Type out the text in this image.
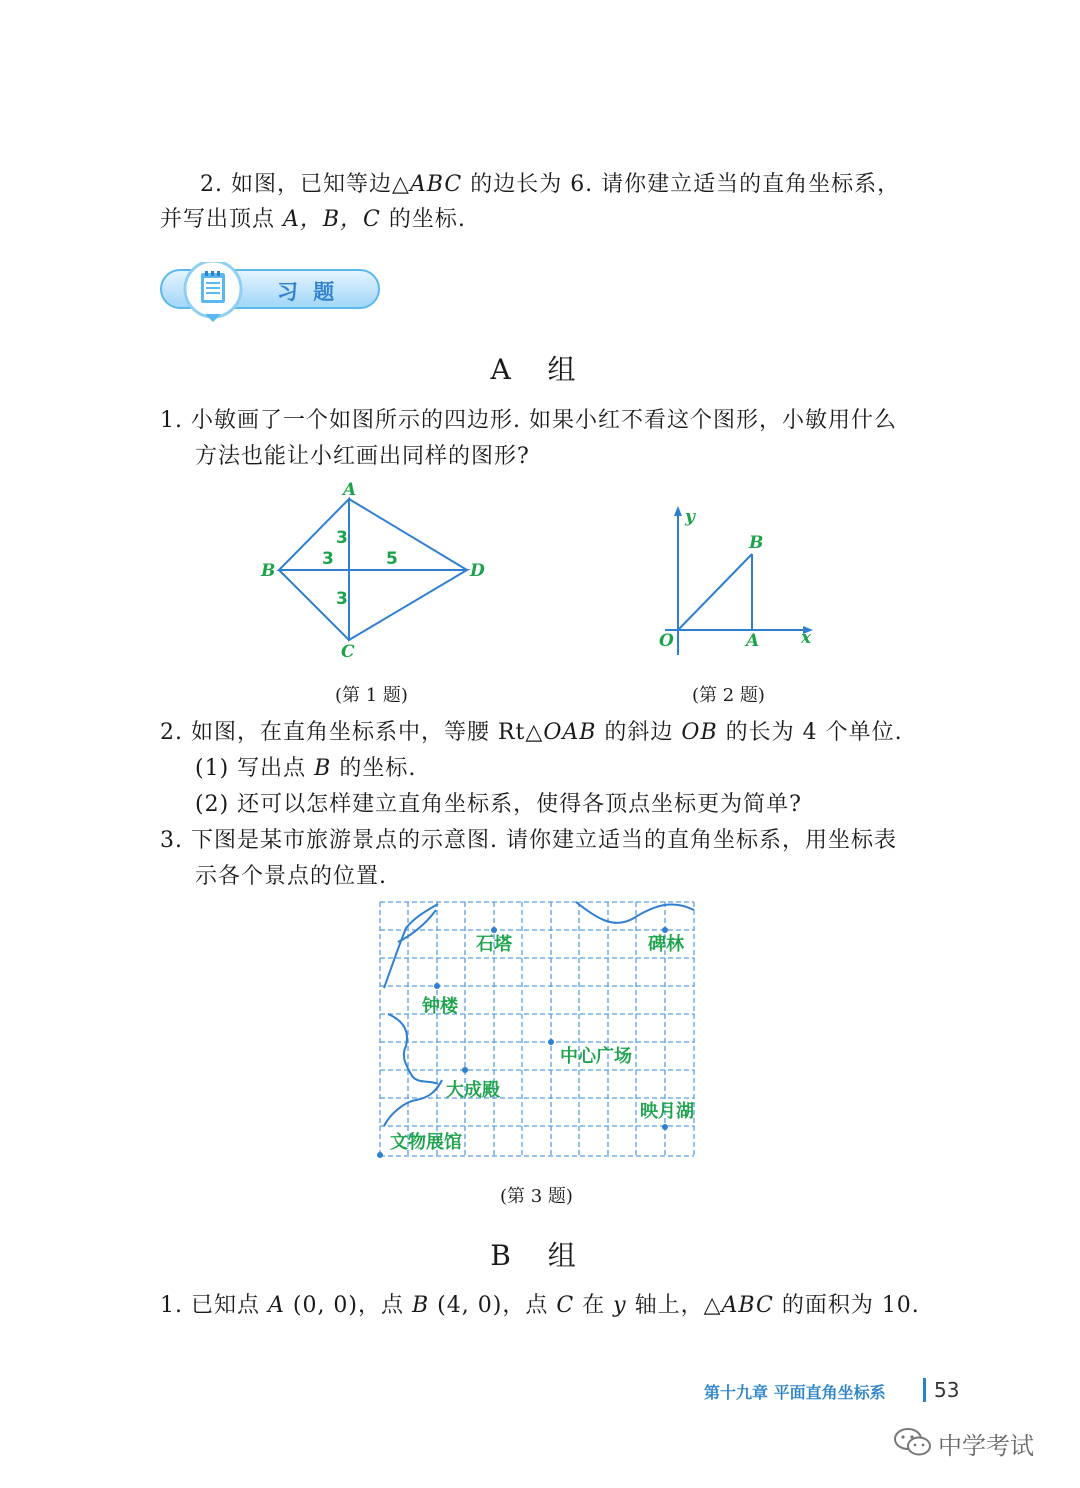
2. 如图，已知等边△ABC 的边长为 6. 请你建立适当的直角坐标系，
并写出顶点 A，B，C 的坐标.
习 题
A 组
1. 小敏画了一个如图所示的四边形. 如果小红不看这个图形，小敏用什么
方法也能让小红画出同样的图形?
A
B
C
D
3
3	5
3
(第 1 题)
y
x
O	A
B
(第 2 题)
2. 如图，在直角坐标系中，等腰 Rt△OAB 的斜边 OB 的长为 4 个单位.
(1) 写出点 B 的坐标.
(2) 还可以怎样建立直角坐标系，使得各顶点坐标更为简单?
3. 下图是某市旅游景点的示意图. 请你建立适当的直角坐标系，用坐标表
示各个景点的位置.
石塔	碑林
钟楼
中心广场
大成殿
映月湖
文物展馆
(第 3 题)
B 组
1. 已知点 A (0, 0)，点 B (4, 0)，点 C 在 y 轴上，△ABC 的面积为 10.
第十九章 平面直角坐标系 53
中学考试
